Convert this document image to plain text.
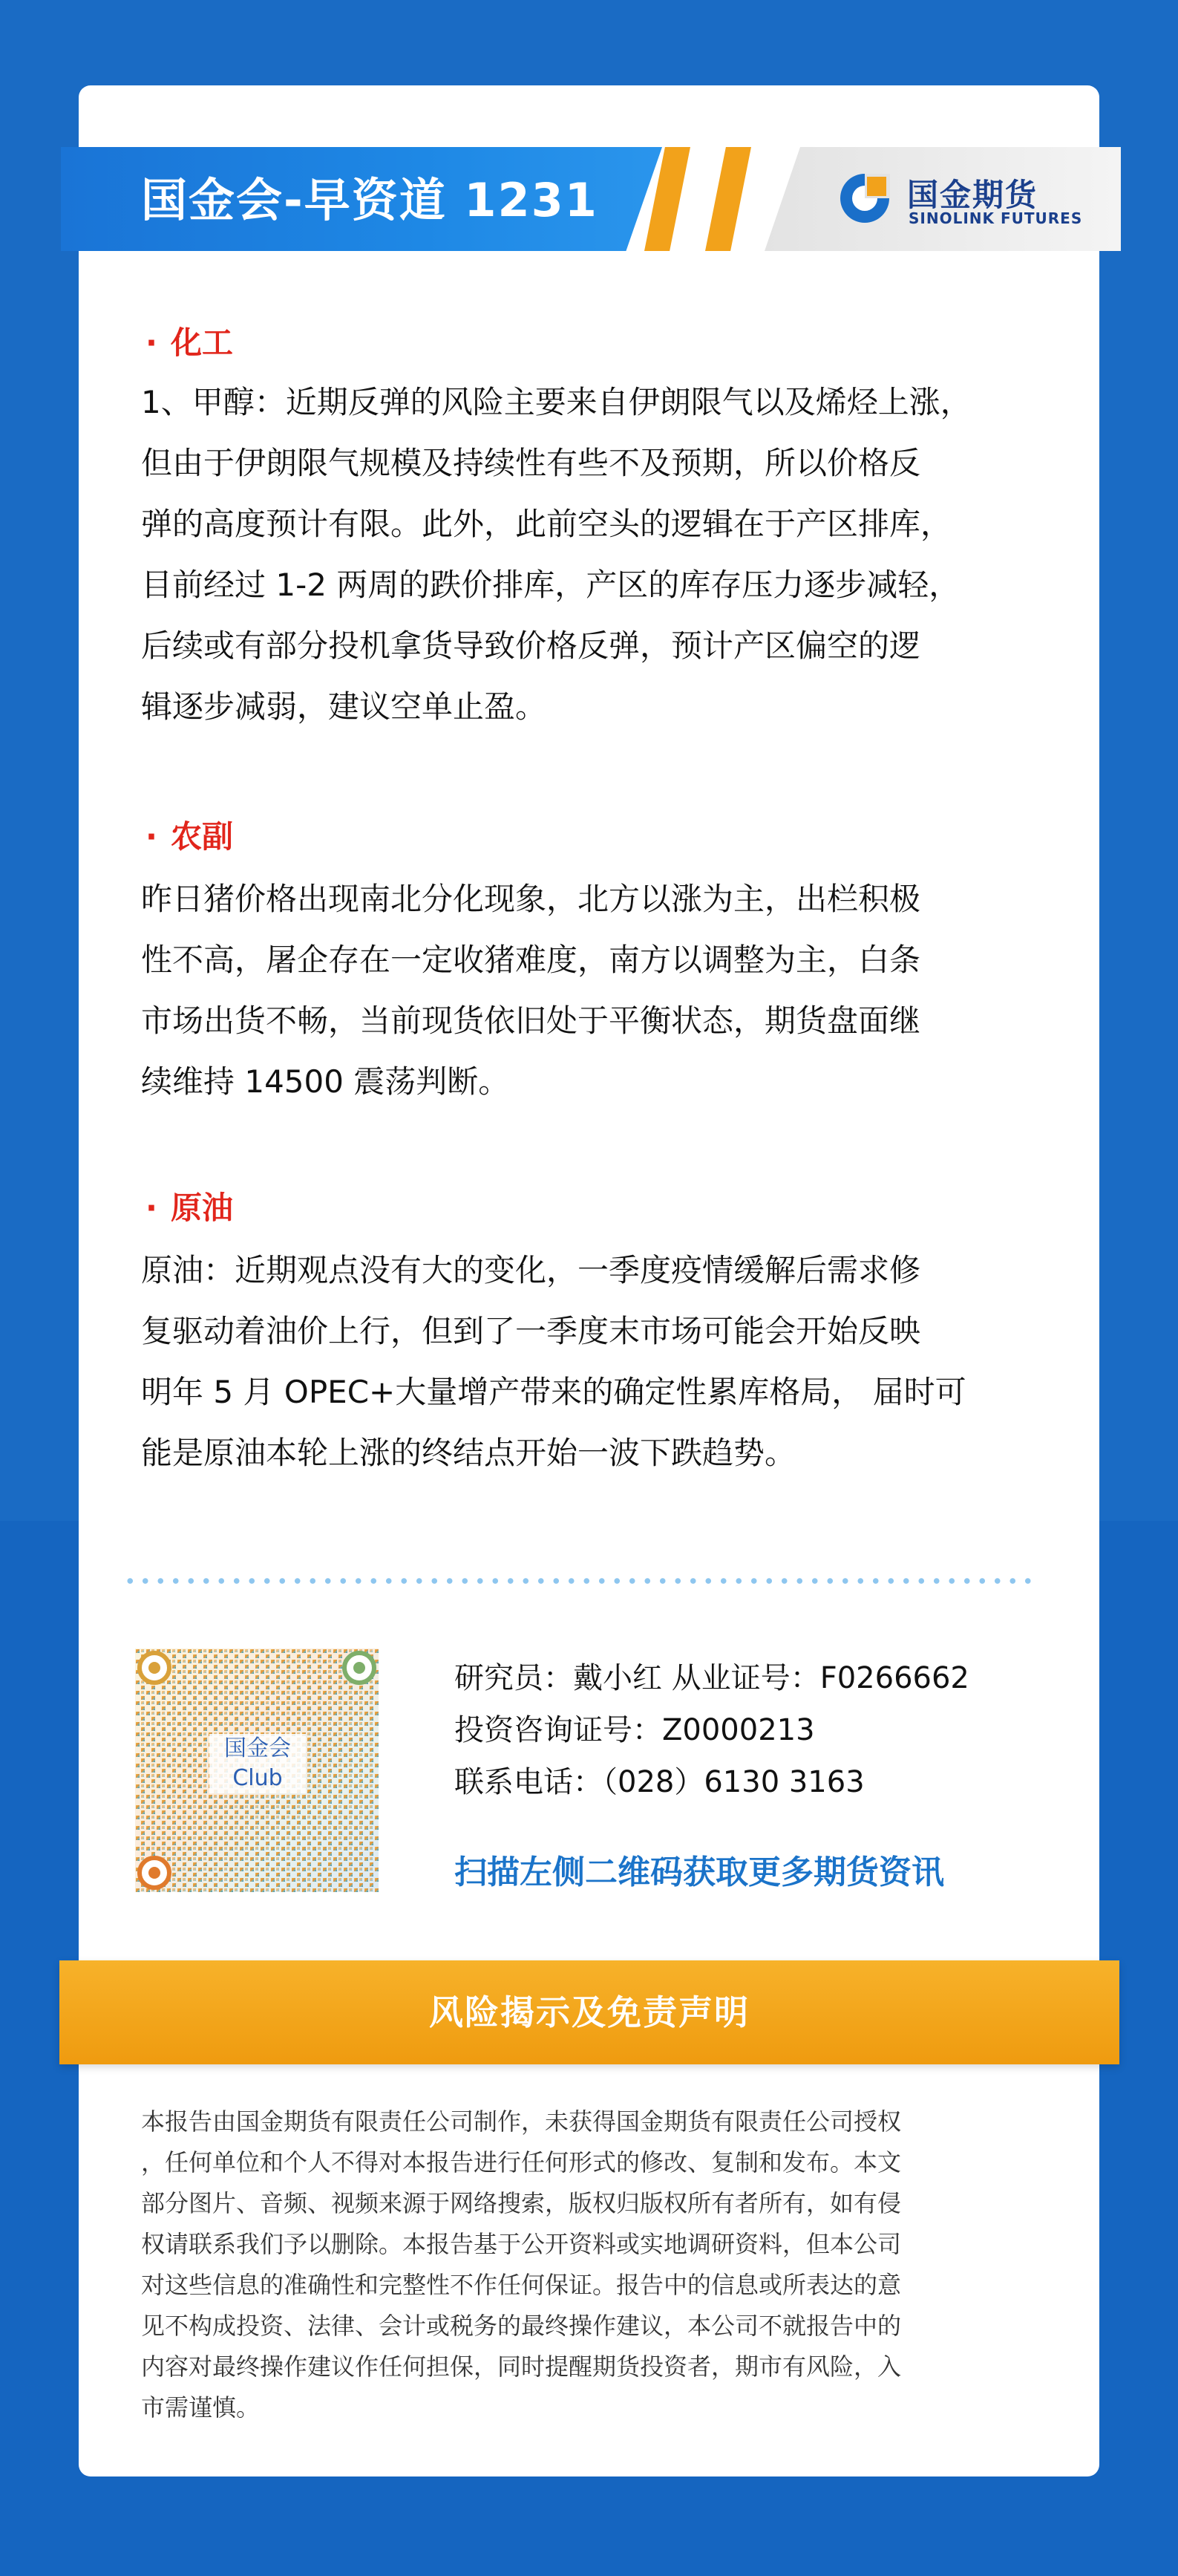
国金会-早资道 1231	国金期货
SINOLINK FUTURES
· 化工
1、甲醇：近期反弹的风险主要来自伊朗限气以及烯烃上涨，
但由于伊朗限气规模及持续性有些不及预期，所以价格反
弹的高度预计有限。此外，此前空头的逻辑在于产区排库，
目前经过 1-2 两周的跌价排库，产区的库存压力逐步减轻，
后续或有部分投机拿货导致价格反弹，预计产区偏空的逻
辑逐步减弱，建议空单止盈。
· 农副
昨日猪价格出现南北分化现象，北方以涨为主，出栏积极
性不高，屠企存在一定收猪难度，南方以调整为主，白条
市场出货不畅，当前现货依旧处于平衡状态，期货盘面继
续维持 14500 震荡判断。
· 原油
原油：近期观点没有大的变化，一季度疫情缓解后需求修
复驱动着油价上行，但到了一季度末市场可能会开始反映
明年 5 月 OPEC+大量增产带来的确定性累库格局， 届时可
能是原油本轮上涨的终结点开始一波下跌趋势。
国金会
Club
研究员：戴小红 从业证号：F0266662
投资咨询证号：Z0000213
联系电话：（028）6130 3163
扫描左侧二维码获取更多期货资讯
风险揭示及免责声明
本报告由国金期货有限责任公司制作，未获得国金期货有限责任公司授权
，任何单位和个人不得对本报告进行任何形式的修改、复制和发布。本文
部分图片、音频、视频来源于网络搜索，版权归版权所有者所有，如有侵
权请联系我们予以删除。本报告基于公开资料或实地调研资料，但本公司
对这些信息的准确性和完整性不作任何保证。报告中的信息或所表达的意
见不构成投资、法律、会计或税务的最终操作建议，本公司不就报告中的
内容对最终操作建议作任何担保，同时提醒期货投资者，期市有风险，入
市需谨慎。
